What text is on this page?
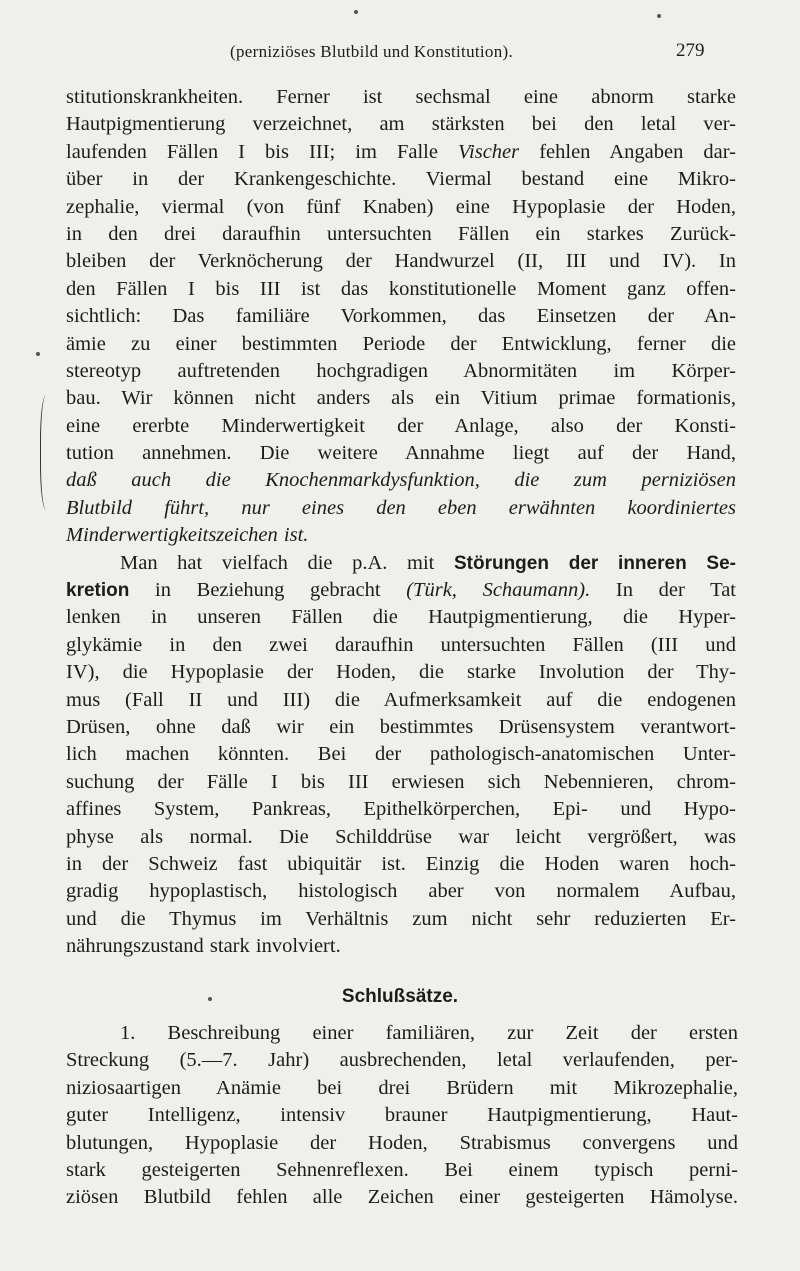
(perniziöses Blutbild und Konstitution).	279
stitutionskrankheiten. Ferner ist sechsmal eine abnorm starke
Hautpigmentierung verzeichnet, am stärksten bei den letal ver-
laufenden Fällen I bis III; im Falle Vischer fehlen Angaben dar-
über in der Krankengeschichte. Viermal bestand eine Mikro-
zephalie, viermal (von fünf Knaben) eine Hypoplasie der Hoden,
in den drei daraufhin untersuchten Fällen ein starkes Zurück-
bleiben der Verknöcherung der Handwurzel (II, III und IV). In
den Fällen I bis III ist das konstitutionelle Moment ganz offen-
sichtlich: Das familiäre Vorkommen, das Einsetzen der An-
ämie zu einer bestimmten Periode der Entwicklung, ferner die
stereotyp auftretenden hochgradigen Abnormitäten im Körper-
bau. Wir können nicht anders als ein Vitium primae formationis,
eine ererbte Minderwertigkeit der Anlage, also der Konsti-
tution annehmen. Die weitere Annahme liegt auf der Hand,
daß auch die Knochenmarkdysfunktion, die zum perniziösen
Blutbild führt, nur eines den eben erwähnten koordiniertes
Minderwertigkeitszeichen ist.
Man hat vielfach die p.A. mit Störungen der inneren Se-
kretion in Beziehung gebracht (Türk, Schaumann). In der Tat
lenken in unseren Fällen die Hautpigmentierung, die Hyper-
glykämie in den zwei daraufhin untersuchten Fällen (III und
IV), die Hypoplasie der Hoden, die starke Involution der Thy-
mus (Fall II und III) die Aufmerksamkeit auf die endogenen
Drüsen, ohne daß wir ein bestimmtes Drüsensystem verantwort-
lich machen könnten. Bei der pathologisch-anatomischen Unter-
suchung der Fälle I bis III erwiesen sich Nebennieren, chrom-
affines System, Pankreas, Epithelkörperchen, Epi- und Hypo-
physe als normal. Die Schilddrüse war leicht vergrößert, was
in der Schweiz fast ubiquitär ist. Einzig die Hoden waren hoch-
gradig hypoplastisch, histologisch aber von normalem Aufbau,
und die Thymus im Verhältnis zum nicht sehr reduzierten Er-
nährungszustand stark involviert.
Schlußsätze.
1. Beschreibung einer familiären, zur Zeit der ersten
Streckung (5.—7. Jahr) ausbrechenden, letal verlaufenden, per-
niziosaartigen Anämie bei drei Brüdern mit Mikrozephalie,
guter Intelligenz, intensiv brauner Hautpigmentierung, Haut-
blutungen, Hypoplasie der Hoden, Strabismus convergens und
stark gesteigerten Sehnenreflexen. Bei einem typisch perni-
ziösen Blutbild fehlen alle Zeichen einer gesteigerten Hämolyse.
